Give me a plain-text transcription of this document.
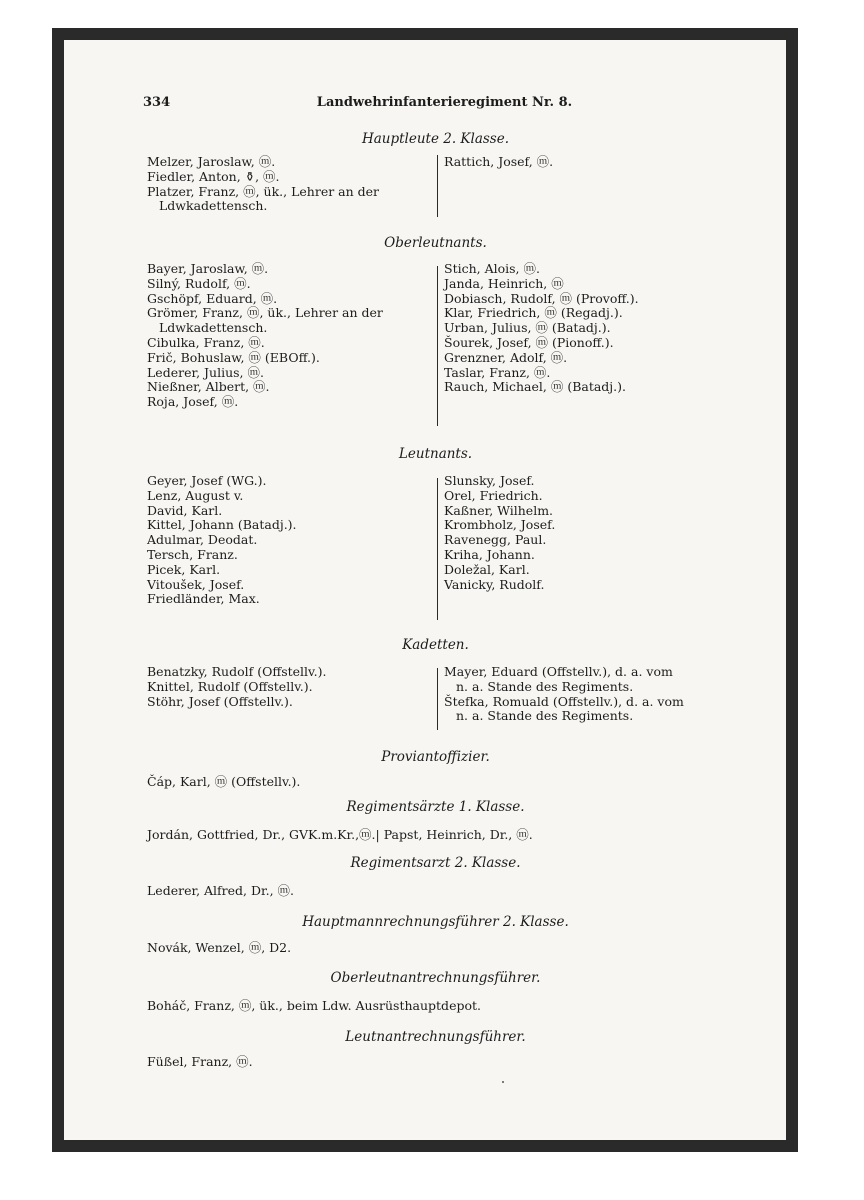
334	Landwehrinfanterieregiment Nr. 8.
Hauptleute 2. Klasse.
Melzer, Jaroslaw, ⓜ.
Fiedler, Anton, ⚱, ⓜ.
Platzer, Franz, ⓜ, ük., Lehrer an der
Ldwkadettensch.
Rattich, Josef, ⓜ.
Oberleutnants.
Bayer, Jaroslaw, ⓜ.
Silný, Rudolf, ⓜ.
Gschöpf, Eduard, ⓜ.
Grömer, Franz, ⓜ, ük., Lehrer an der
Ldwkadettensch.
Cibulka, Franz, ⓜ.
Frič, Bohuslaw, ⓜ (EBOff.).
Lederer, Julius, ⓜ.
Nießner, Albert, ⓜ.
Roja, Josef, ⓜ.
Stich, Alois, ⓜ.
Janda, Heinrich, ⓜ
Dobiasch, Rudolf, ⓜ (Provoff.).
Klar, Friedrich, ⓜ (Regadj.).
Urban, Julius, ⓜ (Batadj.).
Šourek, Josef, ⓜ (Pionoff.).
Grenzner, Adolf, ⓜ.
Taslar, Franz, ⓜ.
Rauch, Michael, ⓜ (Batadj.).
Leutnants.
Geyer, Josef (WG.).
Lenz, August v.
David, Karl.
Kittel, Johann (Batadj.).
Adulmar, Deodat.
Tersch, Franz.
Picek, Karl.
Vitoušek, Josef.
Friedländer, Max.
Slunsky, Josef.
Orel, Friedrich.
Kaßner, Wilhelm.
Krombholz, Josef.
Ravenegg, Paul.
Kriha, Johann.
Doležal, Karl.
Vanicky, Rudolf.
Kadetten.
Benatzky, Rudolf (Offstellv.).
Knittel, Rudolf (Offstellv.).
Stöhr, Josef (Offstellv.).
Mayer, Eduard (Offstellv.), d. a. vom
n. a. Stande des Regiments.
Štefka, Romuald (Offstellv.), d. a. vom
n. a. Stande des Regiments.
Proviantoffizier.
Čáp, Karl, ⓜ (Offstellv.).
Regimentsärzte 1. Klasse.
Jordán, Gottfried, Dr., GVK.m.Kr.,ⓜ.| Papst, Heinrich, Dr., ⓜ.
Regimentsarzt 2. Klasse.
Lederer, Alfred, Dr., ⓜ.
Hauptmannrechnungsführer 2. Klasse.
Novák, Wenzel, ⓜ, D2.
Oberleutnantrechnungsführer.
Boháč, Franz, ⓜ, ük., beim Ldw. Ausrüsthauptdepot.
Leutnantrechnungsführer.
Füßel, Franz, ⓜ.
